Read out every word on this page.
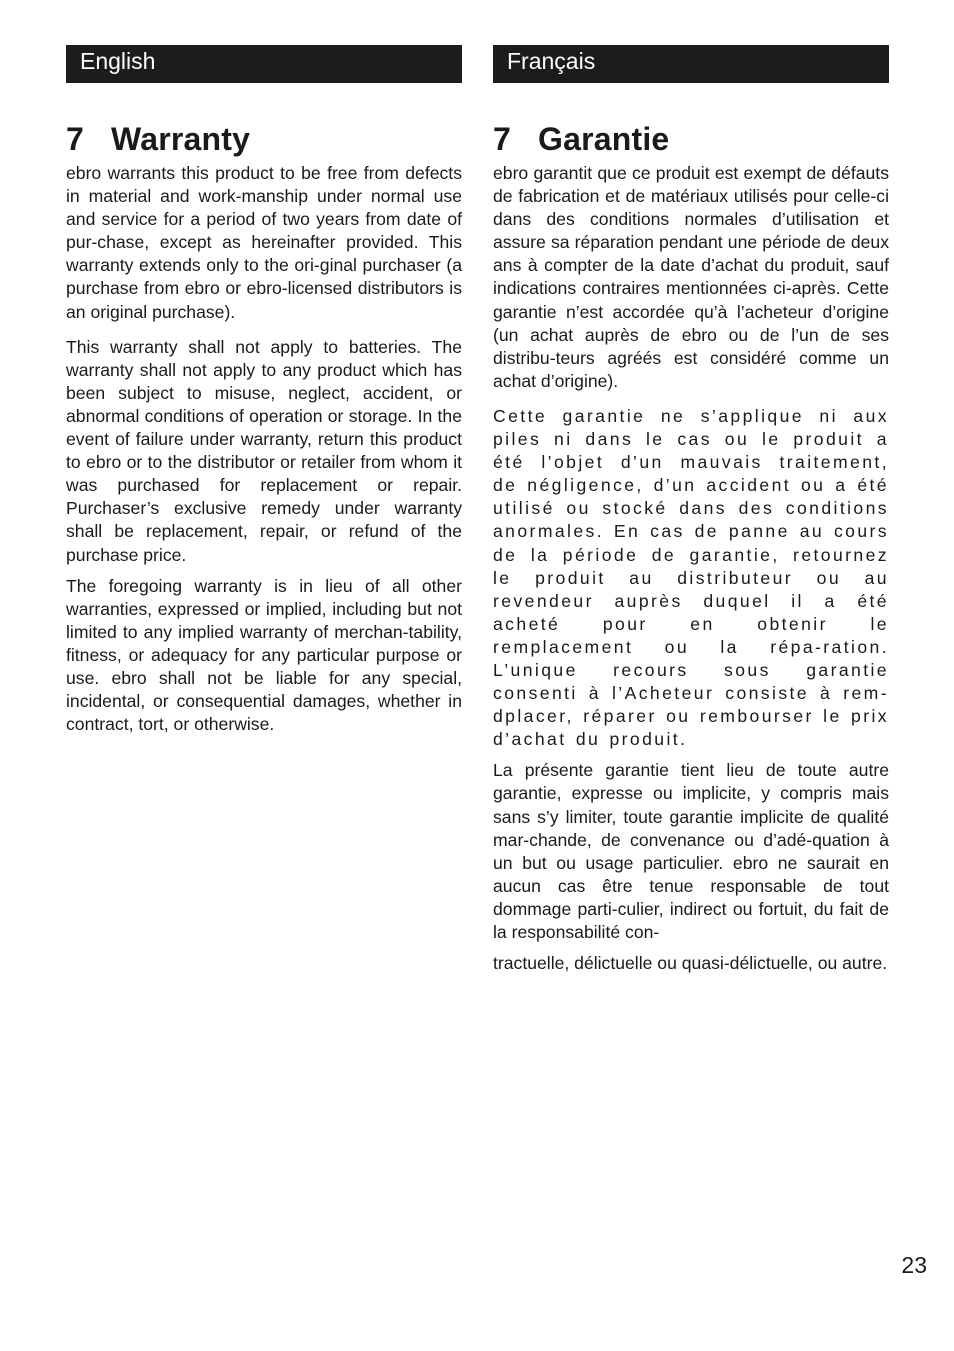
English
7 Warranty

ebro warrants this product to be free from defects in material and work-manship under normal use and service for a period of two years from date of pur-chase, except as hereinafter provided. This warranty extends only to the ori-ginal purchaser (a purchase from ebro or ebro-licensed distributors is an original purchase).

This warranty shall not apply to batteries. The warranty shall not apply to any product which has been subject to misuse, neglect, accident, or abnormal conditions of operation or storage. In the event of failure under warranty, return this product to ebro or to the distributor or retailer from whom it was purchased for replacement or repair. Purchaser’s exclusive remedy under warranty shall be replacement, repair, or refund of the purchase price.

The foregoing warranty is in lieu of all other warranties, expressed or implied, including but not limited to any implied warranty of merchan-tability, fitness, or adequacy for any particular purpose or use. ebro shall not be liable for any special, incidental, or consequential damages, whether in contract, tort, or otherwise.

Français
7 Garantie

ebro garantit que ce produit est exempt de défauts de fabrication et de matériaux utilisés pour celle-ci dans des conditions normales d’utilisation et assure sa réparation pendant une période de deux ans à compter de la date d’achat du produit, sauf indications contraires mentionnées ci-après. Cette garantie n’est accordée qu’à l’acheteur d’origine (un achat auprès de ebro ou de l’un de ses distribu-teurs agréés est considéré comme un achat d’origine).

Cette garantie ne s’applique ni aux piles ni dans le cas ou le produit a été l’objet d’un mauvais traitement, de négligence, d’un accident ou a été utilisé ou stocké dans des conditions anormales. En cas de panne au cours de la période de garantie, retournez le produit au distributeur ou au revendeur auprès duquel il a été acheté pour en obtenir le remplacement ou la répa-ration. L’unique recours sous garantie consenti à l’Acheteur consiste à rem-dplacer, réparer ou rembourser le prix d’achat du produit.

La présente garantie tient lieu de toute autre garantie, expresse ou implicite, y compris mais sans s’y limiter, toute garantie implicite de qualité mar-chande, de convenance ou d’adé-quation à un but ou usage particulier. ebro ne saurait en aucun cas être tenue responsable de tout dommage parti-culier, indirect ou fortuit, du fait de la responsabilité con-

tractuelle, délictuelle ou quasi-délictuelle, ou autre.

23
